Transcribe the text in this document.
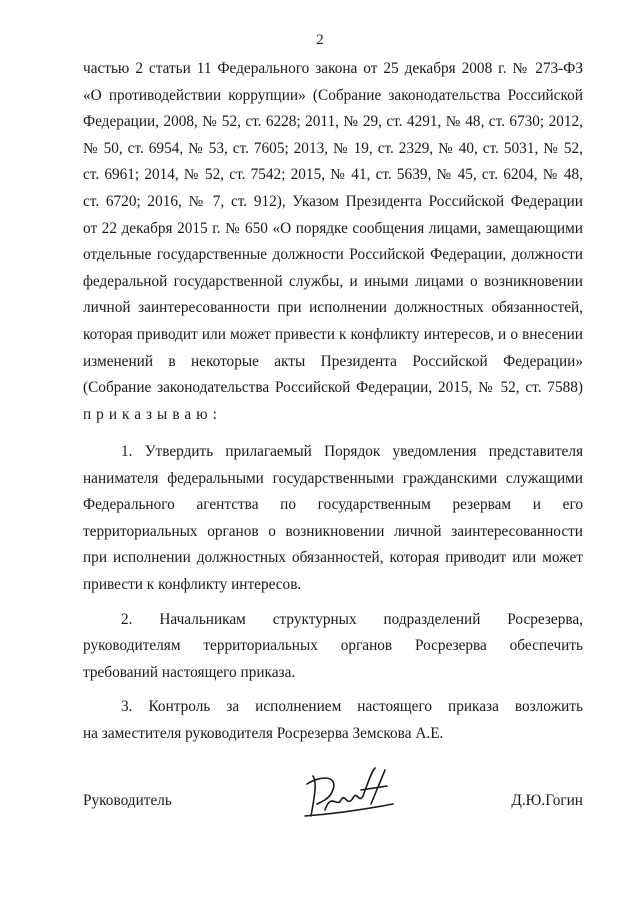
2
частью 2 статьи 11 Федерального закона от 25 декабря 2008 г. № 273-ФЗ
«О противодействии коррупции» (Собрание законодательства Российской
Федерации, 2008, № 52, ст. 6228; 2011, № 29, ст. 4291, № 48, ст. 6730; 2012,
№ 50, ст. 6954, № 53, ст. 7605; 2013, № 19, ст. 2329, № 40, ст. 5031, № 52,
ст. 6961; 2014, № 52, ст. 7542; 2015, № 41, ст. 5639, № 45, ст. 6204, № 48,
ст. 6720; 2016, № 7, ст. 912), Указом Президента Российской Федерации
от 22 декабря 2015 г. № 650 «О порядке сообщения лицами, замещающими
отдельные государственные должности Российской Федерации, должности
федеральной государственной службы, и иными лицами о возникновении
личной заинтересованности при исполнении должностных обязанностей,
которая приводит или может привести к конфликту интересов, и о внесении
изменений в некоторые акты Президента Российской Федерации»
(Собрание законодательства Российской Федерации, 2015, № 52, ст. 7588)
приказываю:
1. Утвердить прилагаемый Порядок уведомления представителя
нанимателя федеральными государственными гражданскими служащими
Федерального агентства по государственным резервам и его
территориальных органов о возникновении личной заинтересованности
при исполнении должностных обязанностей, которая приводит или может
привести к конфликту интересов.
2. Начальникам структурных подразделений Росрезерва,
руководителям территориальных органов Росрезерва обеспечить
требований настоящего приказа.
3. Контроль за исполнением настоящего приказа возложить
на заместителя руководителя Росрезерва Земскова А.Е.
Руководитель	Д.Ю.Гогин
